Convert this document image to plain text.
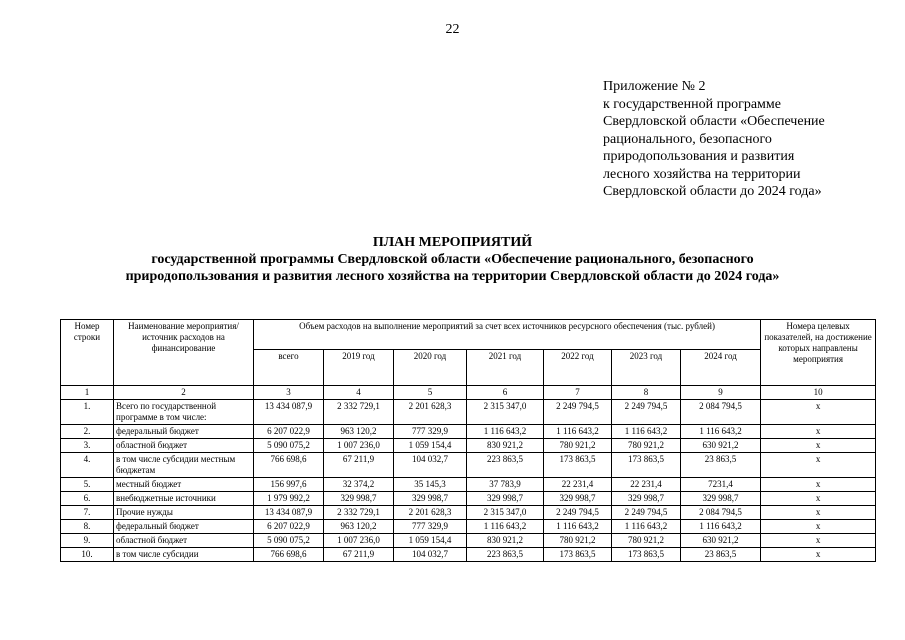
22
Приложение № 2
к государственной программе
Свердловской области «Обеспечение
рационального, безопасного
природопользования и развития
лесного хозяйства на территории
Свердловской области до 2024 года»
ПЛАН МЕРОПРИЯТИЙ
государственной программы Свердловской области «Обеспечение рационального, безопасного
природопользования и развития лесного хозяйства на территории Свердловской области до 2024 года»
Номер строки	Наименование мероприятия/источник расходов на финансирование	Объем расходов на выполнение мероприятий за счет всех источников ресурсного обеспечения (тыс. рублей)							Номера целевых показателей, на достижение которых направлены мероприятия
		всего	2019 год	2020 год	2021 год	2022 год	2023 год	2024 год	
1	2	3	4	5	6	7	8	9	10
1.	Всего по государственной программе в том числе:	13 434 087,9	2 332 729,1	2 201 628,3	2 315 347,0	2 249 794,5	2 249 794,5	2 084 794,5	х
2.	федеральный бюджет	6 207 022,9	963 120,2	777 329,9	1 116 643,2	1 116 643,2	1 116 643,2	1 116 643,2	х
3.	областной бюджет	5 090 075,2	1 007 236,0	1 059 154,4	830 921,2	780 921,2	780 921,2	630 921,2	х
4.	в том числе субсидии местным бюджетам	766 698,6	67 211,9	104 032,7	223 863,5	173 863,5	173 863,5	23 863,5	х
5.	местный бюджет	156 997,6	32 374,2	35 145,3	37 783,9	22 231,4	22 231,4	7231,4	х
6.	внебюджетные источники	1 979 992,2	329 998,7	329 998,7	329 998,7	329 998,7	329 998,7	329 998,7	х
7.	Прочие нужды	13 434 087,9	2 332 729,1	2 201 628,3	2 315 347,0	2 249 794,5	2 249 794,5	2 084 794,5	х
8.	федеральный бюджет	6 207 022,9	963 120,2	777 329,9	1 116 643,2	1 116 643,2	1 116 643,2	1 116 643,2	х
9.	областной бюджет	5 090 075,2	1 007 236,0	1 059 154,4	830 921,2	780 921,2	780 921,2	630 921,2	х
10.	в том числе субсидии	766 698,6	67 211,9	104 032,7	223 863,5	173 863,5	173 863,5	23 863,5	х
